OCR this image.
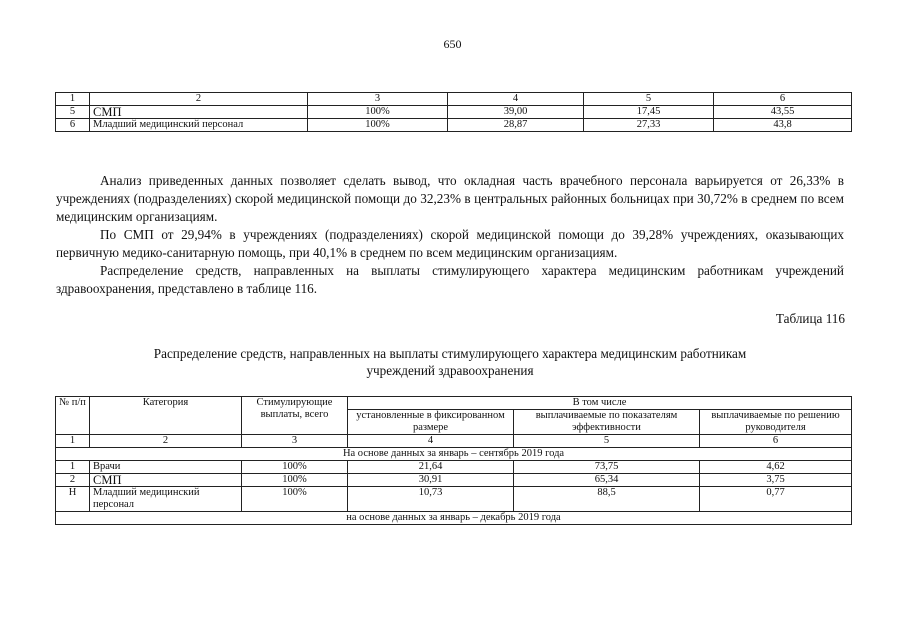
650
1	2	3	4	5	6
5	СМП	100%	39,00	17,45	43,55
6	Младший медицинский персонал	100%	28,87	27,33	43,8

Анализ приведенных данных позволяет сделать вывод, что окладная часть врачебного персонала варьируется от 26,33% в учреждениях (подразделениях) скорой медицинской помощи до 32,23% в центральных районных больницах при 30,72% в среднем по всем медицинским организациям.

По СМП от 29,94% в учреждениях (подразделениях) скорой медицинской помощи до 39,28% учреждениях, оказывающих первичную медико-санитарную помощь, при 40,1% в среднем по всем медицинским организациям.

Распределение средств, направленных на выплаты стимулирующего характера медицинским работникам учреждений здравоохранения, представлено в таблице 116.

Таблица 116
Распределение средств, направленных на выплаты стимулирующего характера медицинским работникам
учреждений здравоохранения
№ п/п	Категория	Стимулирующие выплаты, всего	В том числе		
			установленные в фиксированном размере	выплачиваемые по показателям эффективности	выплачиваемые по решению руководителя
1	2	3	4	5	6
На основе данных за январь – сентябрь 2019 года					
1	Врачи	100%	21,64	73,75	4,62
2	СМП	100%	30,91	65,34	3,75
Н	Младший медицинский персонал	100%	10,73	88,5	0,77
на основе данных за январь – декабрь 2019 года					
